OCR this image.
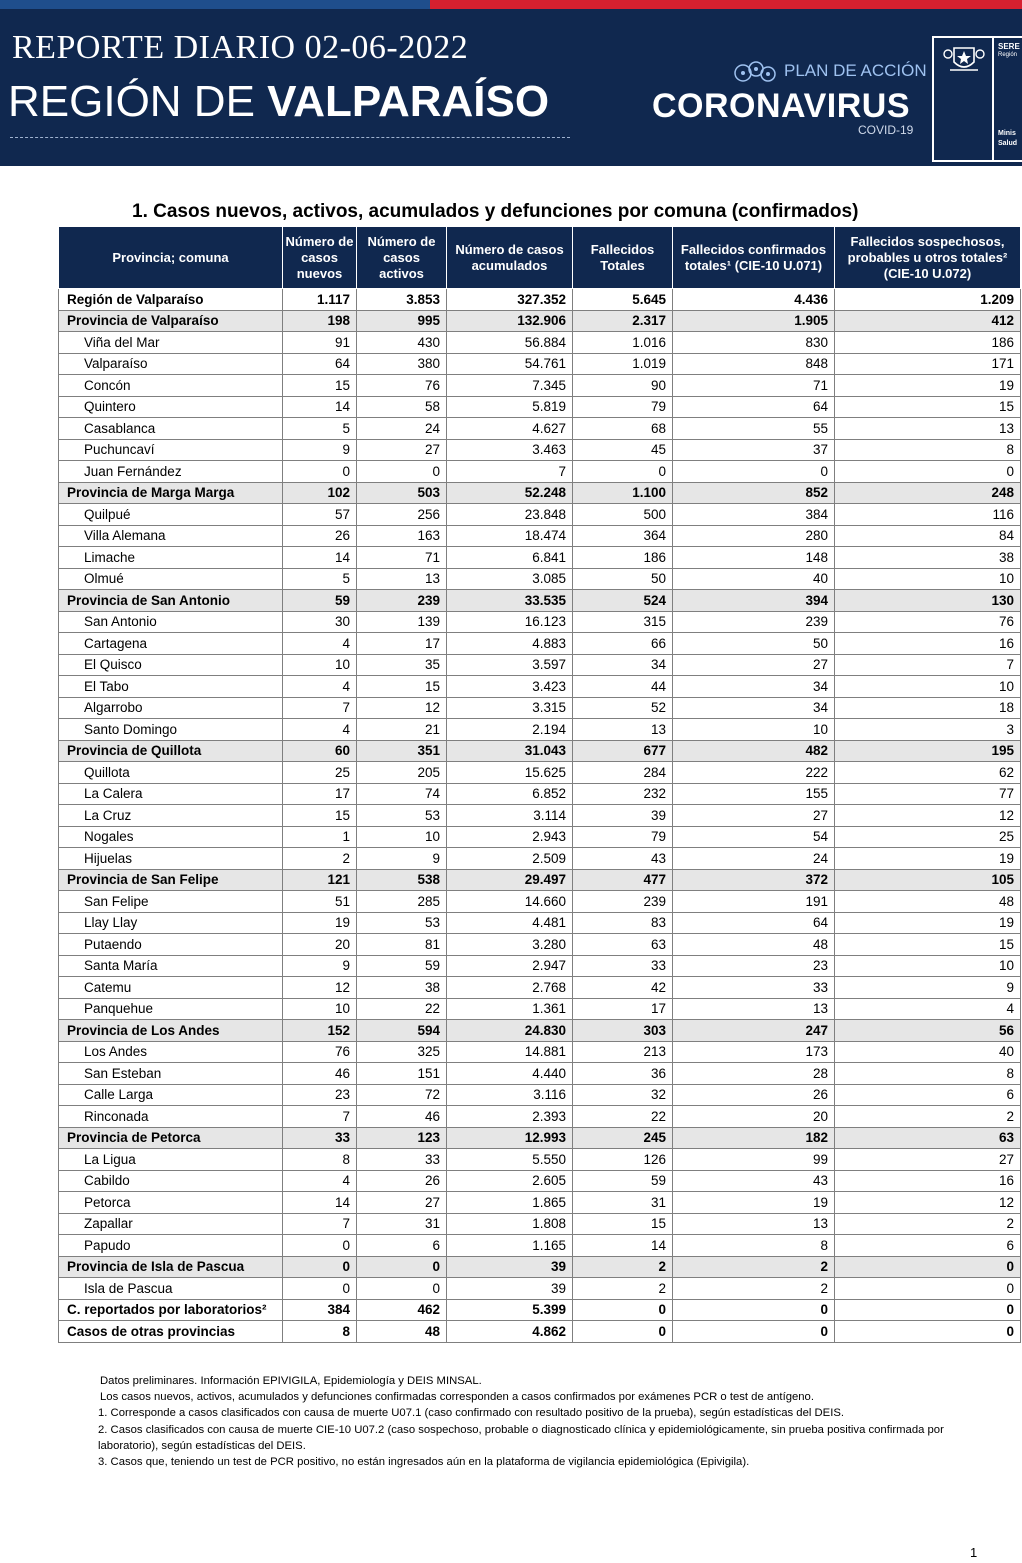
REPORTE DIARIO 02-06-2022
REGIÓN DE VALPARAÍSO
PLAN DE ACCIÓN
CORONAVIRUS
COVID-19
SERE
Región
Minis
Salud
1. Casos nuevos, activos, acumulados y defunciones por comuna (confirmados)
Provincia; comuna	Número de casos nuevos	Número de casos activos	Número de casos acumulados	Fallecidos Totales	Fallecidos confirmados totales¹ (CIE-10 U.071)	Fallecidos sospechosos, probables u otros totales² (CIE-10 U.072)
Región de Valparaíso	1.117	3.853	327.352	5.645	4.436	1.209
Provincia de Valparaíso	198	995	132.906	2.317	1.905	412
Viña del Mar	91	430	56.884	1.016	830	186
Valparaíso	64	380	54.761	1.019	848	171
Concón	15	76	7.345	90	71	19
Quintero	14	58	5.819	79	64	15
Casablanca	5	24	4.627	68	55	13
Puchuncaví	9	27	3.463	45	37	8
Juan Fernández	0	0	7	0	0	0
Provincia de Marga Marga	102	503	52.248	1.100	852	248
Quilpué	57	256	23.848	500	384	116
Villa Alemana	26	163	18.474	364	280	84
Limache	14	71	6.841	186	148	38
Olmué	5	13	3.085	50	40	10
Provincia de San Antonio	59	239	33.535	524	394	130
San Antonio	30	139	16.123	315	239	76
Cartagena	4	17	4.883	66	50	16
El Quisco	10	35	3.597	34	27	7
El Tabo	4	15	3.423	44	34	10
Algarrobo	7	12	3.315	52	34	18
Santo Domingo	4	21	2.194	13	10	3
Provincia de Quillota	60	351	31.043	677	482	195
Quillota	25	205	15.625	284	222	62
La Calera	17	74	6.852	232	155	77
La Cruz	15	53	3.114	39	27	12
Nogales	1	10	2.943	79	54	25
Hijuelas	2	9	2.509	43	24	19
Provincia de San Felipe	121	538	29.497	477	372	105
San Felipe	51	285	14.660	239	191	48
Llay Llay	19	53	4.481	83	64	19
Putaendo	20	81	3.280	63	48	15
Santa María	9	59	2.947	33	23	10
Catemu	12	38	2.768	42	33	9
Panquehue	10	22	1.361	17	13	4
Provincia de Los Andes	152	594	24.830	303	247	56
Los Andes	76	325	14.881	213	173	40
San Esteban	46	151	4.440	36	28	8
Calle Larga	23	72	3.116	32	26	6
Rinconada	7	46	2.393	22	20	2
Provincia de Petorca	33	123	12.993	245	182	63
La Ligua	8	33	5.550	126	99	27
Cabildo	4	26	2.605	59	43	16
Petorca	14	27	1.865	31	19	12
Zapallar	7	31	1.808	15	13	2
Papudo	0	6	1.165	14	8	6
Provincia de Isla de Pascua	0	0	39	2	2	0
Isla de Pascua	0	0	39	2	2	0
C. reportados por laboratorios²	384	462	5.399	0	0	0
Casos de otras provincias	8	48	4.862	0	0	0
Datos preliminares. Información EPIVIGILA, Epidemiología y DEIS MINSAL.
Los casos nuevos, activos, acumulados y defunciones confirmadas corresponden a casos confirmados por exámenes PCR o test de antígeno.
1. Corresponde a casos clasificados con causa de muerte U07.1 (caso confirmado con resultado positivo de la prueba), según estadísticas del DEIS.
2. Casos clasificados con causa de muerte CIE-10 U07.2 (caso sospechoso, probable o diagnosticado clínica y epidemiológicamente, sin prueba positiva confirmada por laboratorio), según estadísticas del DEIS.
3. Casos que, teniendo un test de PCR positivo, no están ingresados aún en la plataforma de vigilancia epidemiológica (Epivigila).
1
